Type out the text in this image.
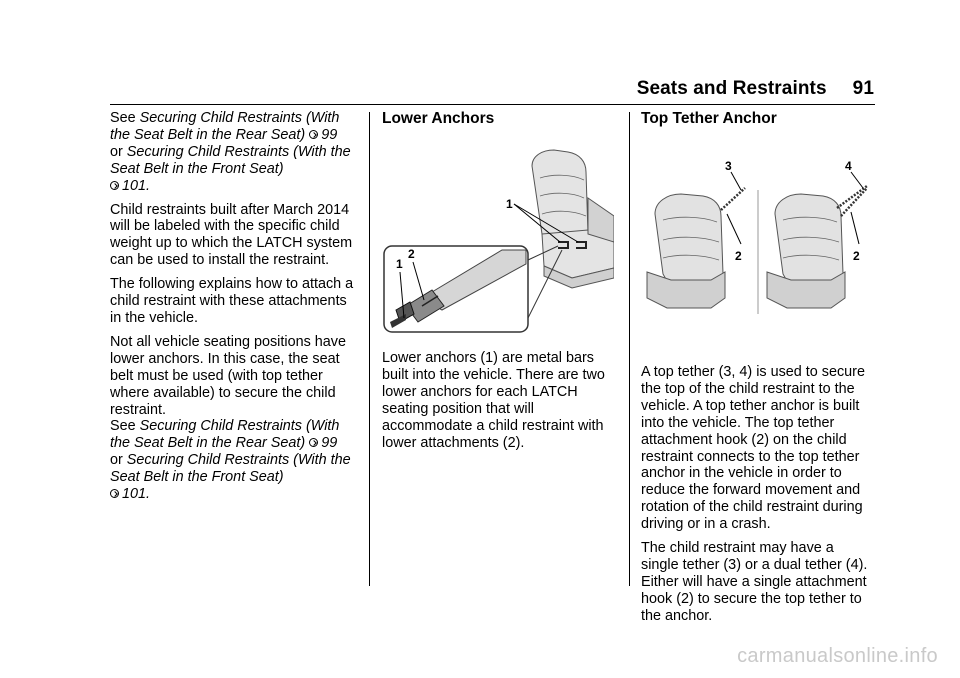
Seats and Restraints 91

See Securing Child Restraints (With the Seat Belt in the Rear Seat) 99
or Securing Child Restraints (With the Seat Belt in the Front Seat)
101.

Child restraints built after March 2014 will be labeled with the specific child weight up to which the LATCH system can be used to install the restraint.

The following explains how to attach a child restraint with these attachments in the vehicle.

Not all vehicle seating positions have lower anchors. In this case, the seat belt must be used (with top tether where available) to secure the child restraint.
See Securing Child Restraints (With the Seat Belt in the Rear Seat) 99
or Securing Child Restraints (With the Seat Belt in the Front Seat)
101.

Lower Anchors
1
1
2

Lower anchors (1) are metal bars built into the vehicle. There are two lower anchors for each LATCH seating position that will accommodate a child restraint with lower attachments (2).

Top Tether Anchor
3
2
4
2

A top tether (3, 4) is used to secure the top of the child restraint to the vehicle. A top tether anchor is built into the vehicle. The top tether attachment hook (2) on the child restraint connects to the top tether anchor in the vehicle in order to reduce the forward movement and rotation of the child restraint during driving or in a crash.

The child restraint may have a single tether (3) or a dual tether (4). Either will have a single attachment hook (2) to secure the top tether to the anchor.

carmanualsonline.info
